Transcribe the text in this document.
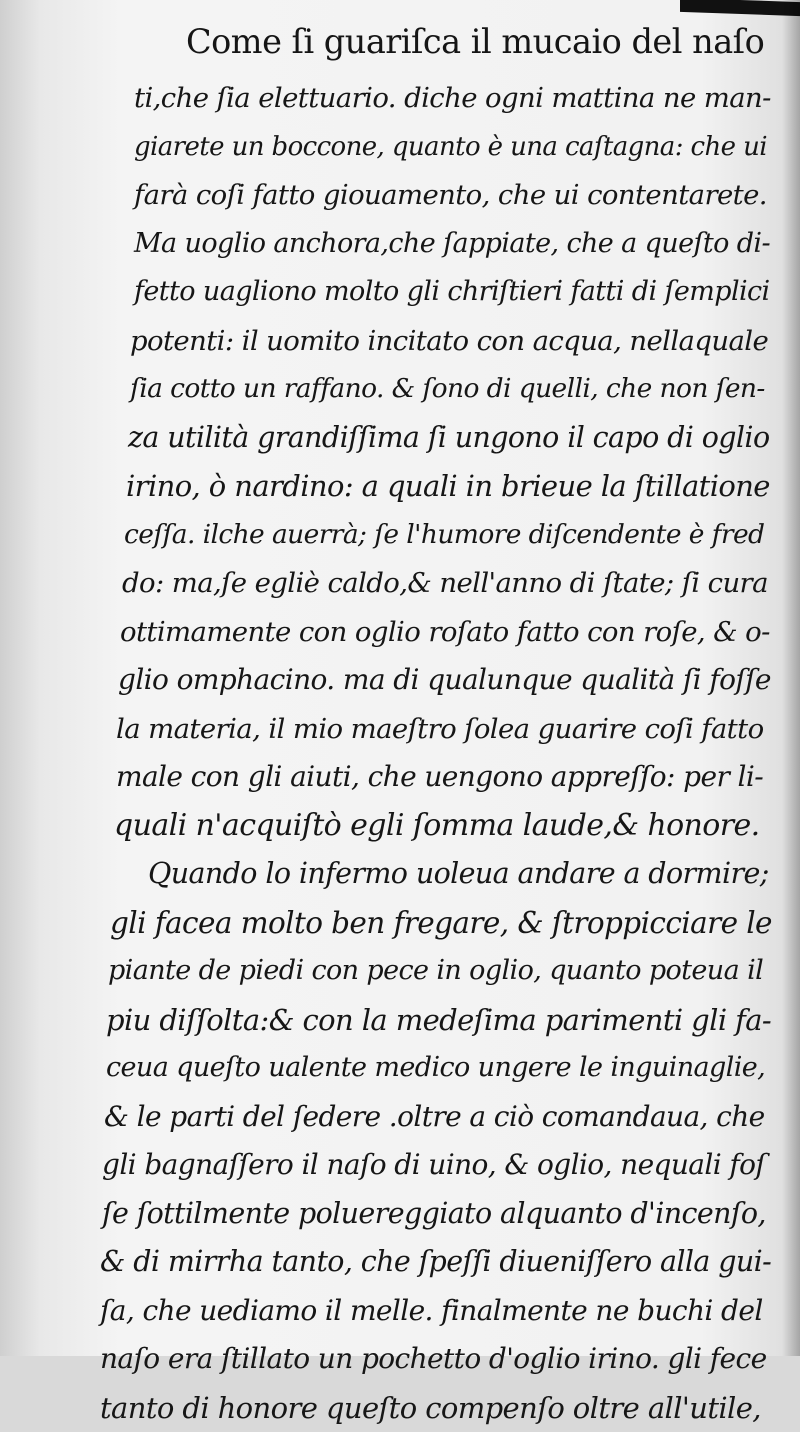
Come ſi guariſca il mucaio del naſo
ti,che ſia elettuario. diche ogni mattina ne man-
giarete un boccone, quanto è una caſtagna: che ui
farà coſi fatto giouamento, che ui contentarete.
Ma uoglio anchora,che ſappiate, che a queſto di-
fetto uagliono molto gli chriſtieri fatti di ſemplici
potenti: il uomito incitato con acqua, nellaquale
ſia cotto un raffano. & ſono di quelli, che non ſen-
za utilità grandiſſima ſi ungono il capo di oglio
irino, ò nardino: a quali in brieue la ſtillatione
ceſſa. ilche auerrà; ſe l'humore diſcendente è fred
do: ma,ſe egliè caldo,& nell'anno di ſtate; ſi cura
ottimamente con oglio roſato fatto con roſe, & o-
glio omphacino. ma di qualunque qualità ſi foſſe
la materia, il mio maeſtro ſolea guarire coſi fatto
male con gli aiuti, che uengono appreſſo: per li-
quali n'acquiſtò egli ſomma laude,& honore.
Quando lo infermo uoleua andare a dormire;
gli facea molto ben fregare, & ſtroppicciare le
piante de piedi con pece in oglio, quanto poteua il
piu diſſolta:& con la medeſima parimenti gli fa-
ceua queſto ualente medico ungere le inguinaglie,
& le parti del ſedere .oltre a ciò comandaua, che
gli bagnaſſero il naſo di uino, & oglio, nequali foſ
ſe ſottilmente poluereggiato alquanto d'incenſo,
& di mirrha tanto, che ſpeſſi diueniſſero alla gui-
ſa, che uediamo il melle. finalmente ne buchi del
naſo era ſtillato un pochetto d'oglio irino. gli fece
tanto di honore queſto compenſo oltre all'utile,
